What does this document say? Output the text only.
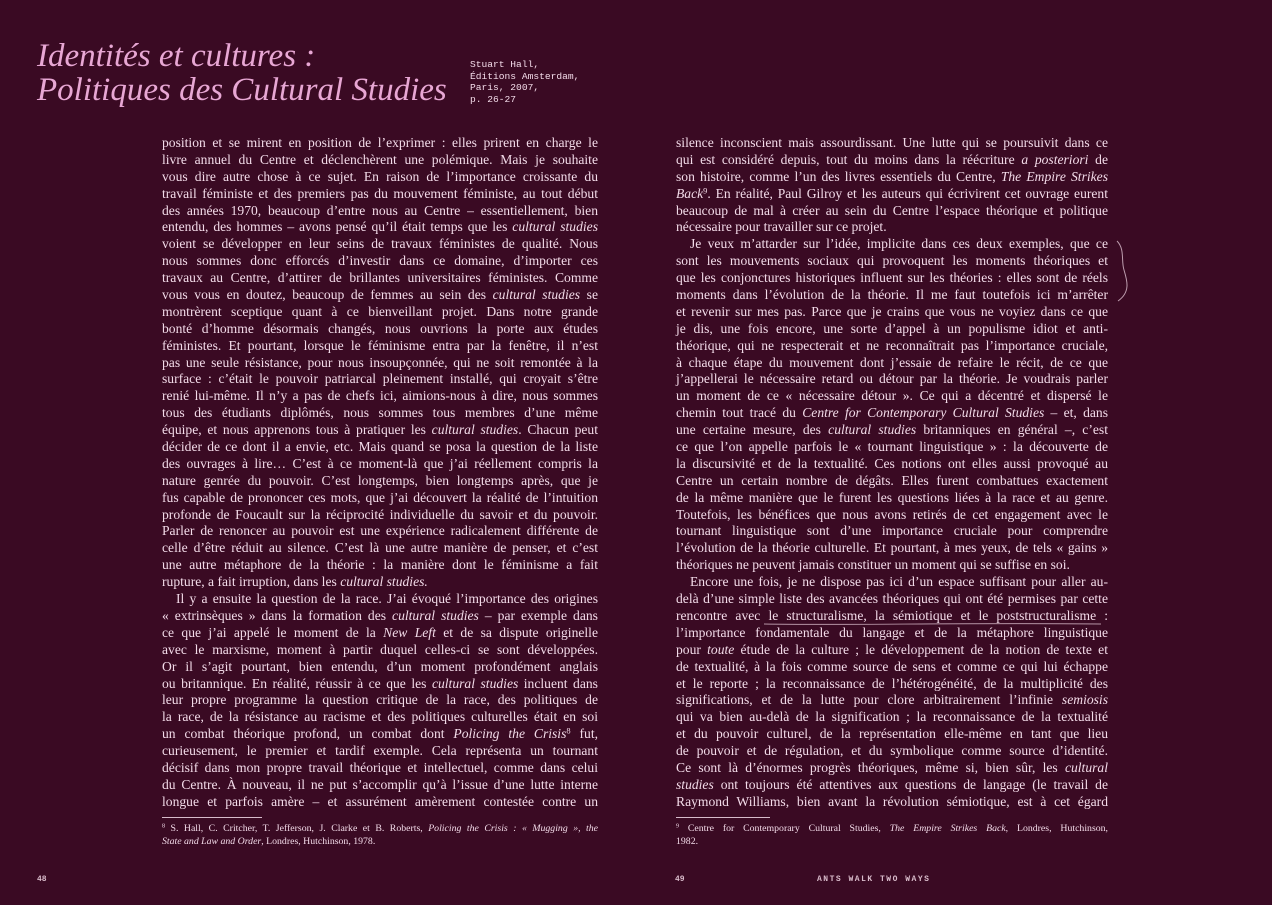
Identités et cultures :
Politiques des Cultural Studies
Stuart Hall,
Éditions Amsterdam,
Paris, 2007,
p. 26-27
position et se mirent en position de l’exprimer : elles prirent en charge le
livre annuel du Centre et déclenchèrent une polémique. Mais je souhaite
vous dire autre chose à ce sujet. En raison de l’importance croissante du
travail féministe et des premiers pas du mouvement féministe, au tout début
des années 1970, beaucoup d’entre nous au Centre – essentiellement, bien
entendu, des hommes – avons pensé qu’il était temps que les cultural studies
voient se développer en leur seins de travaux féministes de qualité. Nous
nous sommes donc efforcés d’investir dans ce domaine, d’importer ces
travaux au Centre, d’attirer de brillantes universitaires féministes. Comme
vous vous en doutez, beaucoup de femmes au sein des cultural studies se
montrèrent sceptique quant à ce bienveillant projet. Dans notre grande
bonté d’homme désormais changés, nous ouvrions la porte aux études
féministes. Et pourtant, lorsque le féminisme entra par la fenêtre, il n’est
pas une seule résistance, pour nous insoupçonnée, qui ne soit remontée à la
surface : c’était le pouvoir patriarcal pleinement installé, qui croyait s’être
renié lui-même. Il n’y a pas de chefs ici, aimions-nous à dire, nous sommes
tous des étudiants diplômés, nous sommes tous membres d’une même
équipe, et nous apprenons tous à pratiquer les cultural studies. Chacun peut
décider de ce dont il a envie, etc. Mais quand se posa la question de la liste
des ouvrages à lire… C’est à ce moment-là que j’ai réellement compris la
nature genrée du pouvoir. C’est longtemps, bien longtemps après, que je
fus capable de prononcer ces mots, que j’ai découvert la réalité de l’intuition
profonde de Foucault sur la réciprocité individuelle du savoir et du pouvoir.
Parler de renoncer au pouvoir est une expérience radicalement différente de
celle d’être réduit au silence. C’est là une autre manière de penser, et c’est
une autre métaphore de la théorie : la manière dont le féminisme a fait
rupture, a fait irruption, dans les cultural studies.
Il y a ensuite la question de la race. J’ai évoqué l’importance des origines
« extrinsèques » dans la formation des cultural studies – par exemple dans
ce que j’ai appelé le moment de la New Left et de sa dispute originelle
avec le marxisme, moment à partir duquel celles-ci se sont développées.
Or il s’agit pourtant, bien entendu, d’un moment profondément anglais
ou britannique. En réalité, réussir à ce que les cultural studies incluent dans
leur propre programme la question critique de la race, des politiques de
la race, de la résistance au racisme et des politiques culturelles était en soi
un combat théorique profond, un combat dont Policing the Crisis$^8$ fut,
curieusement, le premier et tardif exemple. Cela représenta un tournant
décisif dans mon propre travail théorique et intellectuel, comme dans celui
du Centre. À nouveau, il ne put s’accomplir qu’à l’issue d’une lutte interne
longue et parfois amère – et assurément amèrement contestée contre un
silence inconscient mais assourdissant. Une lutte qui se poursuivit dans ce
qui est considéré depuis, tout du moins dans la réécriture a posteriori de
son histoire, comme l’un des livres essentiels du Centre, The Empire Strikes
Back$^9$. En réalité, Paul Gilroy et les auteurs qui écrivirent cet ouvrage eurent
beaucoup de mal à créer au sein du Centre l’espace théorique et politique
nécessaire pour travailler sur ce projet.
Je veux m’attarder sur l’idée, implicite dans ces deux exemples, que ce
sont les mouvements sociaux qui provoquent les moments théoriques et
que les conjonctures historiques influent sur les théories : elles sont de réels
moments dans l’évolution de la théorie. Il me faut toutefois ici m’arrêter
et revenir sur mes pas. Parce que je crains que vous ne voyiez dans ce que
je dis, une fois encore, une sorte d’appel à un populisme idiot et anti-
théorique, qui ne respecterait et ne reconnaîtrait pas l’importance cruciale,
à chaque étape du mouvement dont j’essaie de refaire le récit, de ce que
j’appellerai le nécessaire retard ou détour par la théorie. Je voudrais parler
un moment de ce « nécessaire détour ». Ce qui a décentré et dispersé le
chemin tout tracé du Centre for Contemporary Cultural Studies – et, dans
une certaine mesure, des cultural studies britanniques en général –, c’est
ce que l’on appelle parfois le « tournant linguistique » : la découverte de
la discursivité et de la textualité. Ces notions ont elles aussi provoqué au
Centre un certain nombre de dégâts. Elles furent combattues exactement
de la même manière que le furent les questions liées à la race et au genre.
Toutefois, les bénéfices que nous avons retirés de cet engagement avec le
tournant linguistique sont d’une importance cruciale pour comprendre
l’évolution de la théorie culturelle. Et pourtant, à mes yeux, de tels « gains »
théoriques ne peuvent jamais constituer un moment qui se suffise en soi.
Encore une fois, je ne dispose pas ici d’un espace suffisant pour aller au-
delà d’une simple liste des avancées théoriques qui ont été permises par cette
rencontre avec le structuralisme, la sémiotique et le poststructuralisme :
l’importance fondamentale du langage et de la métaphore linguistique
pour toute étude de la culture ; le développement de la notion de texte et
de textualité, à la fois comme source de sens et comme ce qui lui échappe
et le reporte ; la reconnaissance de l’hétérogénéité, de la multiplicité des
significations, et de la lutte pour clore arbitrairement l’infinie semiosis
qui va bien au-delà de la signification ; la reconnaissance de la textualité
et du pouvoir culturel, de la représentation elle-même en tant que lieu
de pouvoir et de régulation, et du symbolique comme source d’identité.
Ce sont là d’énormes progrès théoriques, même si, bien sûr, les cultural
studies ont toujours été attentives aux questions de langage (le travail de
Raymond Williams, bien avant la révolution sémiotique, est à cet égard
$^8$ S. Hall, C. Critcher, T. Jefferson, J. Clarke et B. Roberts, Policing the Crisis : « Mugging », the
State and Law and Order, Londres, Hutchinson, 1978.
$^9$ Centre for Contemporary Cultural Studies, The Empire Strikes Back, Londres, Hutchinson,
1982.
48	49	ANTS WALK TWO WAYS
